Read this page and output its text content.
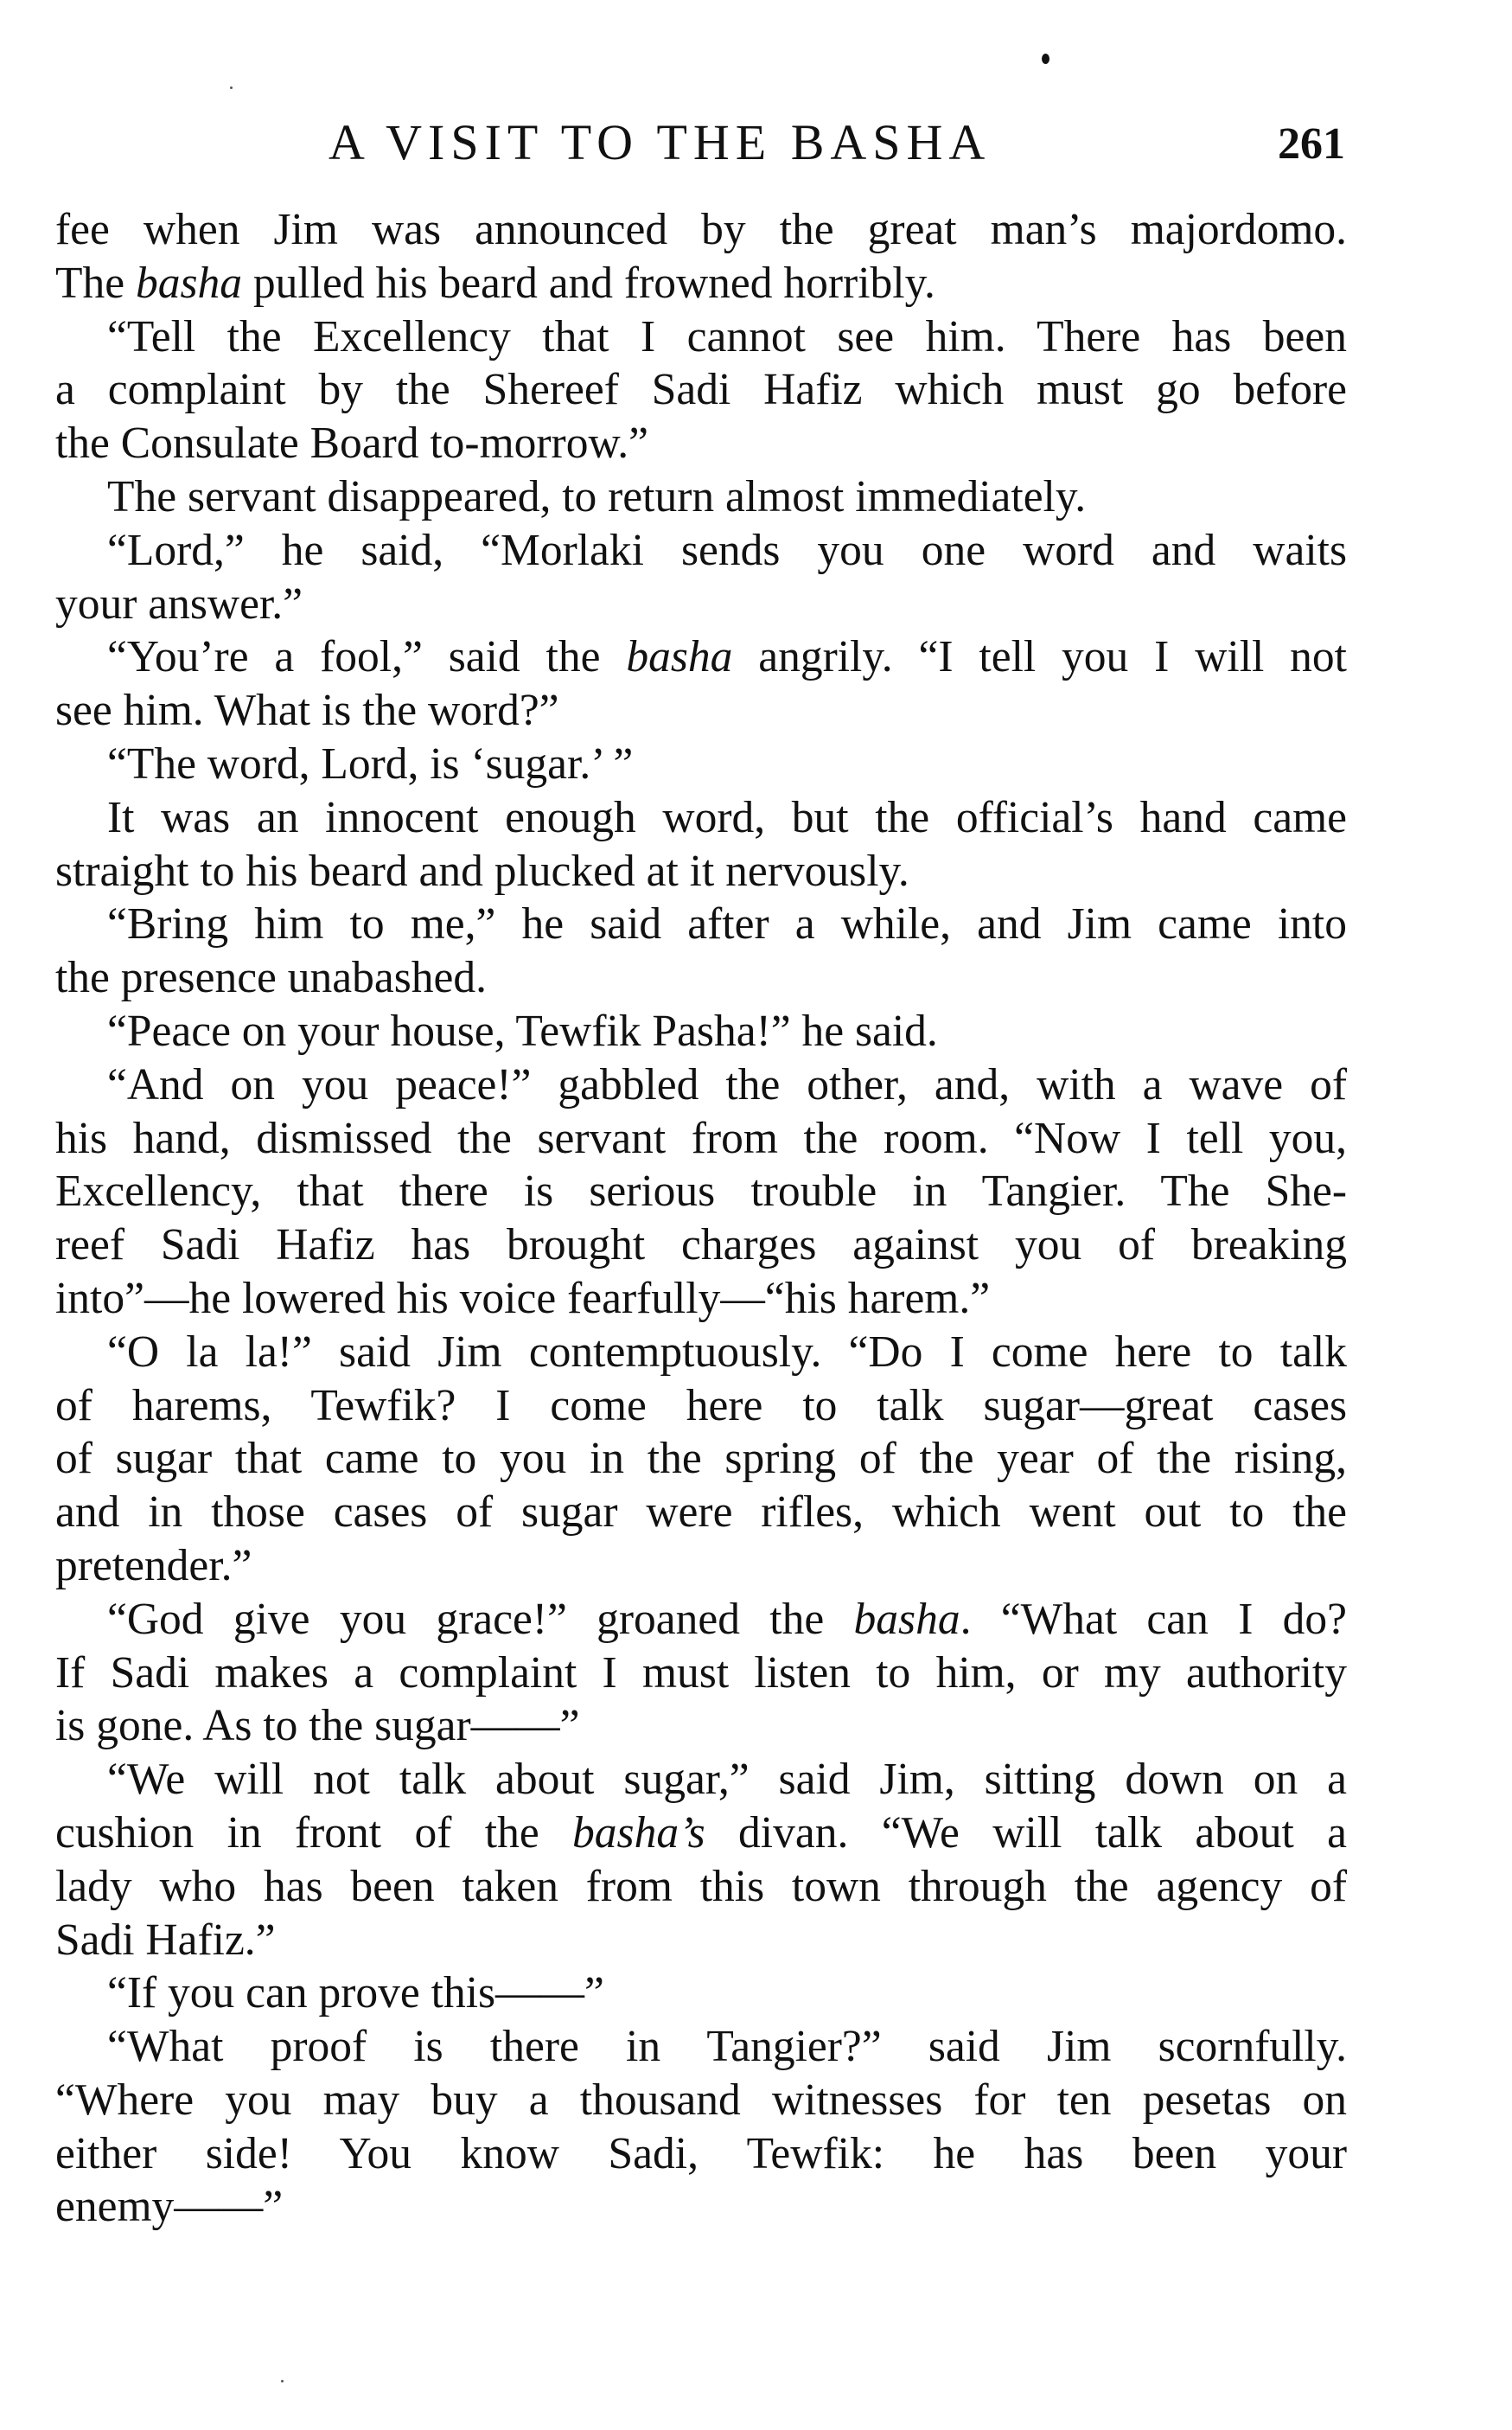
A VISIT TO THE BASHA	261

fee when Jim was announced by the great man’s majordomo.
The basha pulled his beard and frowned horribly.

“Tell the Excellency that I cannot see him. There has been
a complaint by the Shereef Sadi Hafiz which must go before
the Consulate Board to-morrow.”

The servant disappeared, to return almost immediately.

“Lord,” he said, “Morlaki sends you one word and waits
your answer.”

“You’re a fool,” said the basha angrily. “I tell you I will not
see him. What is the word?”

“The word, Lord, is ‘sugar.’ ”

It was an innocent enough word, but the official’s hand came
straight to his beard and plucked at it nervously.

“Bring him to me,” he said after a while, and Jim came into
the presence unabashed.

“Peace on your house, Tewfik Pasha!” he said.

“And on you peace!” gabbled the other, and, with a wave of
his hand, dismissed the servant from the room. “Now I tell you,
Excellency, that there is serious trouble in Tangier. The She-
reef Sadi Hafiz has brought charges against you of breaking
into”—he lowered his voice fearfully—“his harem.”

“O la la!” said Jim contemptuously. “Do I come here to talk
of harems, Tewfik? I come here to talk sugar—great cases
of sugar that came to you in the spring of the year of the rising,
and in those cases of sugar were rifles, which went out to the
pretender.”

“God give you grace!” groaned the basha. “What can I do?
If Sadi makes a complaint I must listen to him, or my authority
is gone. As to the sugar——”

“We will not talk about sugar,” said Jim, sitting down on a
cushion in front of the basha’s divan. “We will talk about a
lady who has been taken from this town through the agency of
Sadi Hafiz.”

“If you can prove this——”

“What proof is there in Tangier?” said Jim scornfully.
“Where you may buy a thousand witnesses for ten pesetas on
either side! You know Sadi, Tewfik: he has been your
enemy——”
